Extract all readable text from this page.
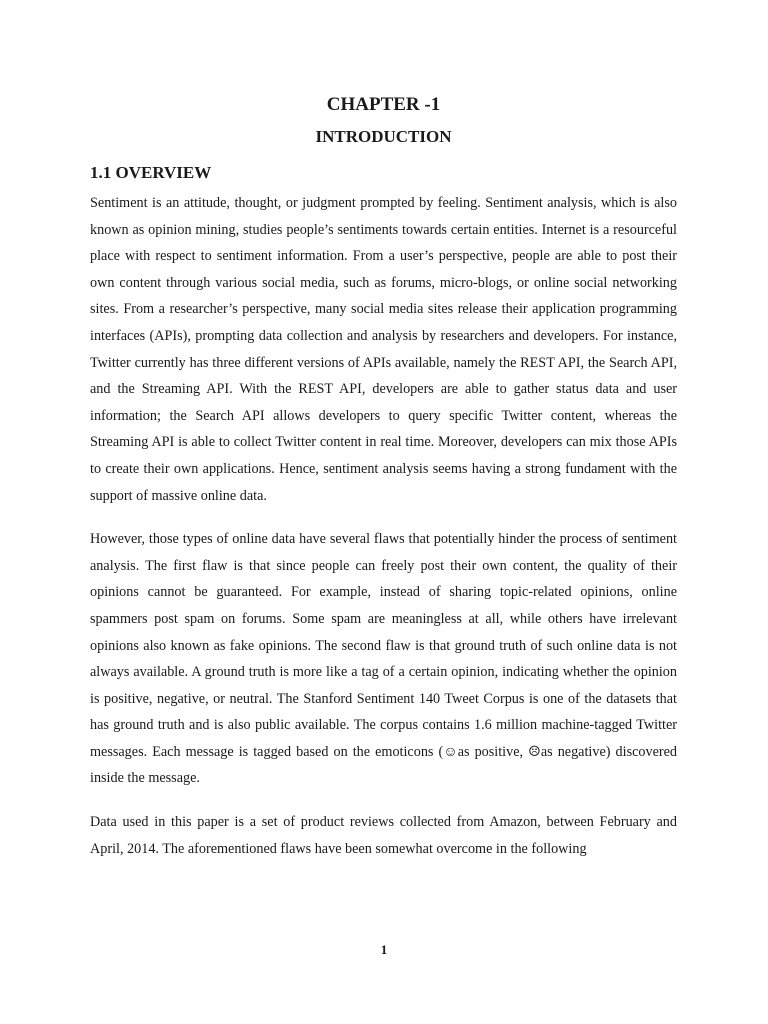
CHAPTER -1
INTRODUCTION
1.1 OVERVIEW

Sentiment is an attitude, thought, or judgment prompted by feeling. Sentiment analysis, which is also known as opinion mining, studies people’s sentiments towards certain entities. Internet is a resourceful place with respect to sentiment information. From a user’s perspective, people are able to post their own content through various social media, such as forums, micro-blogs, or online social networking sites. From a researcher’s perspective, many social media sites release their application programming interfaces (APIs), prompting data collection and analysis by researchers and developers. For instance, Twitter currently has three different versions of APIs available, namely the REST API, the Search API, and the Streaming API. With the REST API, developers are able to gather status data and user information; the Search API allows developers to query specific Twitter content, whereas the Streaming API is able to collect Twitter content in real time. Moreover, developers can mix those APIs to create their own applications. Hence, sentiment analysis seems having a strong fundament with the support of massive online data.

However, those types of online data have several flaws that potentially hinder the process of sentiment analysis. The first flaw is that since people can freely post their own content, the quality of their opinions cannot be guaranteed. For example, instead of sharing topic-related opinions, online spammers post spam on forums. Some spam are meaningless at all, while others have irrelevant opinions also known as fake opinions. The second flaw is that ground truth of such online data is not always available. A ground truth is more like a tag of a certain opinion, indicating whether the opinion is positive, negative, or neutral. The Stanford Sentiment 140 Tweet Corpus is one of the datasets that has ground truth and is also public available. The corpus contains 1.6 million machine-tagged Twitter messages. Each message is tagged based on the emoticons (☺as positive, ☹as negative) discovered inside the message.

Data used in this paper is a set of product reviews collected from Amazon, between February and April, 2014. The aforementioned flaws have been somewhat overcome in the following

1
